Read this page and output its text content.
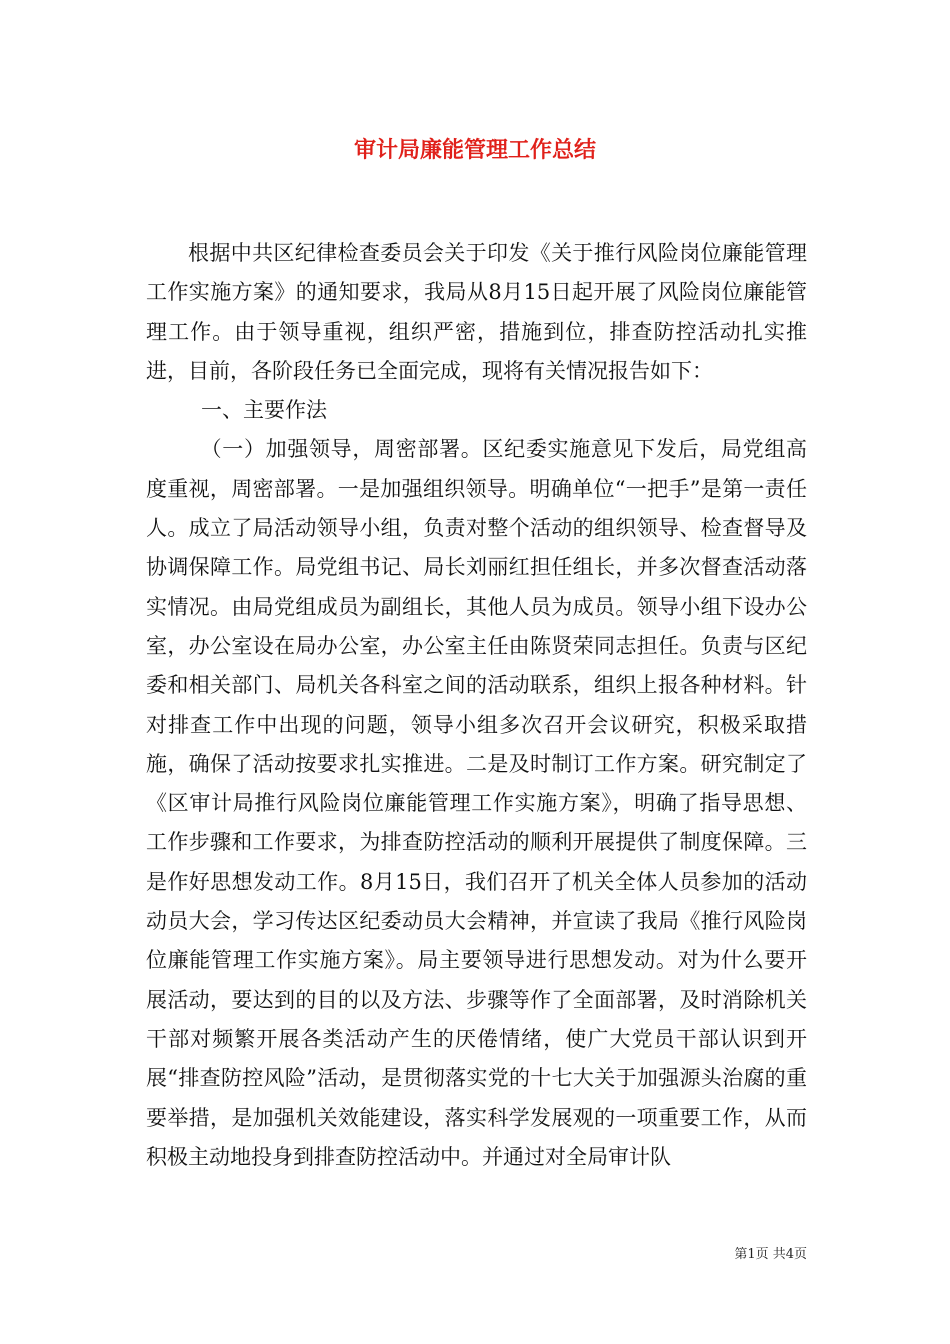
审计局廉能管理工作总结

根据中共区纪律检查委员会关于印发《关于推行风险岗位廉能管理工作实施方案》的通知要求，我局从8月15日起开展了风险岗位廉能管理工作。由于领导重视，组织严密，措施到位，排查防控活动扎实推进，目前，各阶段任务已全面完成，现将有关情况报告如下：

一、主要作法

（一）加强领导，周密部署。区纪委实施意见下发后，局党组高度重视，周密部署。一是加强组织领导。明确单位“一把手”是第一责任人。成立了局活动领导小组，负责对整个活动的组织领导、检查督导及协调保障工作。局党组书记、局长刘丽红担任组长，并多次督查活动落实情况。由局党组成员为副组长，其他人员为成员。领导小组下设办公室，办公室设在局办公室，办公室主任由陈贤荣同志担任。负责与区纪委和相关部门、局机关各科室之间的活动联系，组织上报各种材料。针对排查工作中出现的问题，领导小组多次召开会议研究，积极采取措施，确保了活动按要求扎实推进。二是及时制订工作方案。研究制定了《区审计局推行风险岗位廉能管理工作实施方案》，明确了指导思想、工作步骤和工作要求，为排查防控活动的顺利开展提供了制度保障。三是作好思想发动工作。8月15日，我们召开了机关全体人员参加的活动动员大会，学习传达区纪委动员大会精神，并宣读了我局《推行风险岗位廉能管理工作实施方案》。局主要领导进行思想发动。对为什么要开展活动，要达到的目的以及方法、步骤等作了全面部署，及时消除机关干部对频繁开展各类活动产生的厌倦情绪，使广大党员干部认识到开展“排查防控风险”活动，是贯彻落实党的十七大关于加强源头治腐的重要举措，是加强机关效能建设，落实科学发展观的一项重要工作，从而积极主动地投身到排查防控活动中。并通过对全局审计队

第1页 共4页
